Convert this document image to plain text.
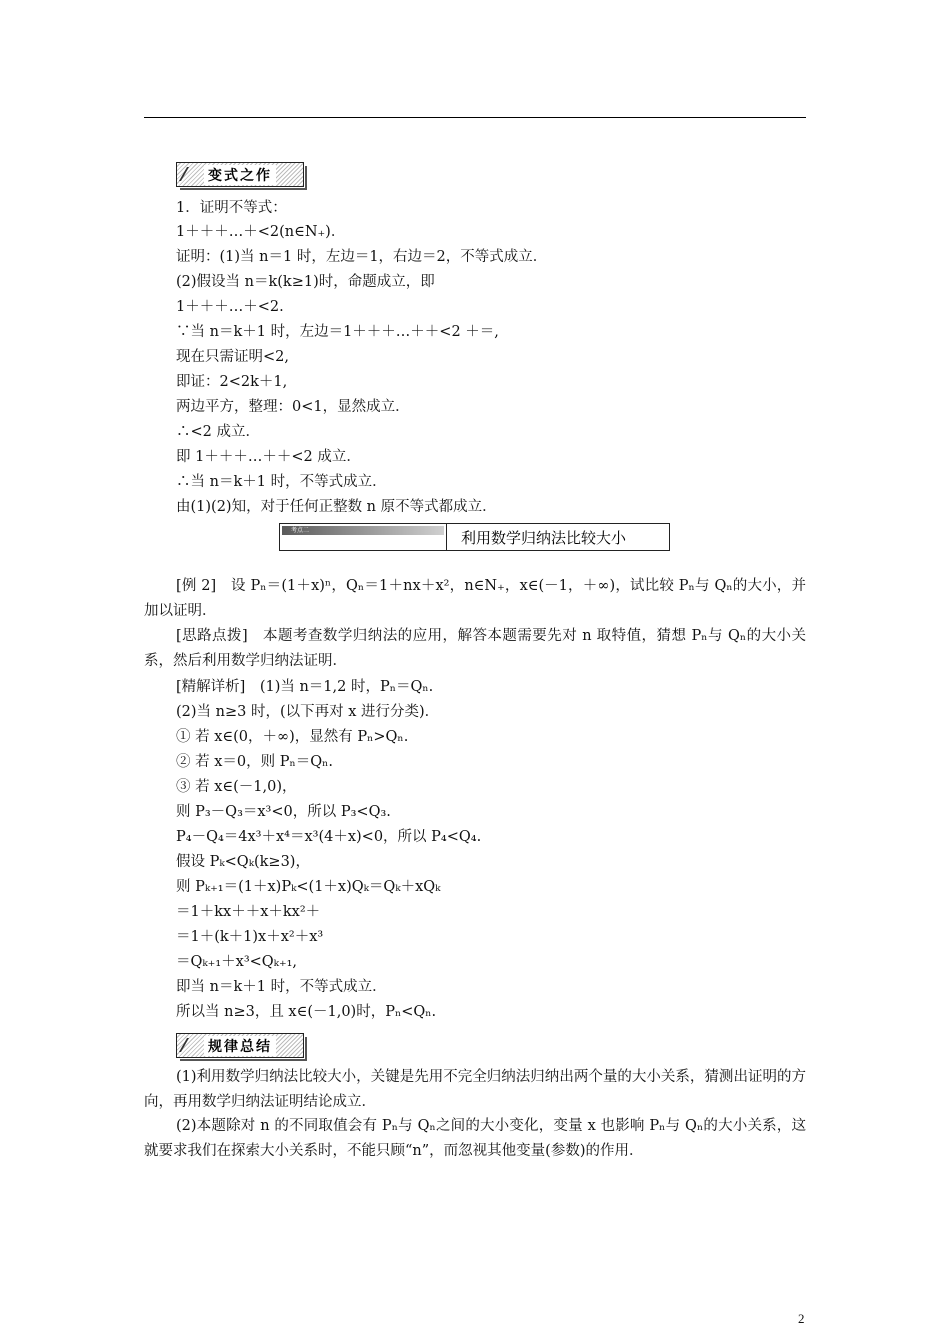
变式之作

1．证明不等式：

1＋＋＋…＋<2(n∈N₊)．

证明：(1)当 n＝1 时，左边＝1，右边＝2，不等式成立．

(2)假设当 n＝k(k≥1)时，命题成立，即

1＋＋＋…＋<2.

∵当 n＝k＋1 时，左边＝1＋＋＋…＋＋<2 ＋＝,

现在只需证明<2,

即证：2<2k＋1,

两边平方，整理：0<1，显然成立．

∴<2 成立．

即 1＋＋＋…＋＋<2 成立．

∴当 n＝k＋1 时，不等式成立．

由(1)(2)知，对于任何正整数 n 原不等式都成立．

考点二	利用数学归纳法比较大小

[例 2]　设 Pₙ＝(1＋x)ⁿ，Qₙ＝1＋nx＋x²，n∈N₊，x∈(－1，＋∞)，试比较 Pₙ与 Qₙ的大小，并加以证明．

[思路点拨]　本题考查数学归纳法的应用，解答本题需要先对 n 取特值，猜想 Pₙ与 Qₙ的大小关系，然后利用数学归纳法证明．

[精解详析]　(1)当 n＝1,2 时，Pₙ＝Qₙ.

(2)当 n≥3 时，(以下再对 x 进行分类)．

① 若 x∈(0，＋∞)，显然有 Pₙ>Qₙ.

② 若 x＝0，则 Pₙ＝Qₙ.

③ 若 x∈(－1,0)，

则 P₃－Q₃＝x³<0，所以 P₃<Q₃.

P₄－Q₄＝4x³＋x⁴＝x³(4＋x)<0，所以 P₄<Q₄.

假设 Pₖ<Qₖ(k≥3)，

则 Pₖ₊₁＝(1＋x)Pₖ<(1＋x)Qₖ＝Qₖ＋xQₖ

＝1＋kx＋＋x＋kx²＋

＝1＋(k＋1)x＋x²＋x³

＝Qₖ₊₁＋x³<Qₖ₊₁,

即当 n＝k＋1 时，不等式成立．

所以当 n≥3，且 x∈(－1,0)时，Pₙ<Qₙ.

规律总结

(1)利用数学归纳法比较大小，关键是先用不完全归纳法归纳出两个量的大小关系，猜测出证明的方向，再用数学归纳法证明结论成立．

(2)本题除对 n 的不同取值会有 Pₙ与 Qₙ之间的大小变化，变量 x 也影响 Pₙ与 Qₙ的大小关系，这就要求我们在探索大小关系时，不能只顾“n”，而忽视其他变量(参数)的作用．

2
